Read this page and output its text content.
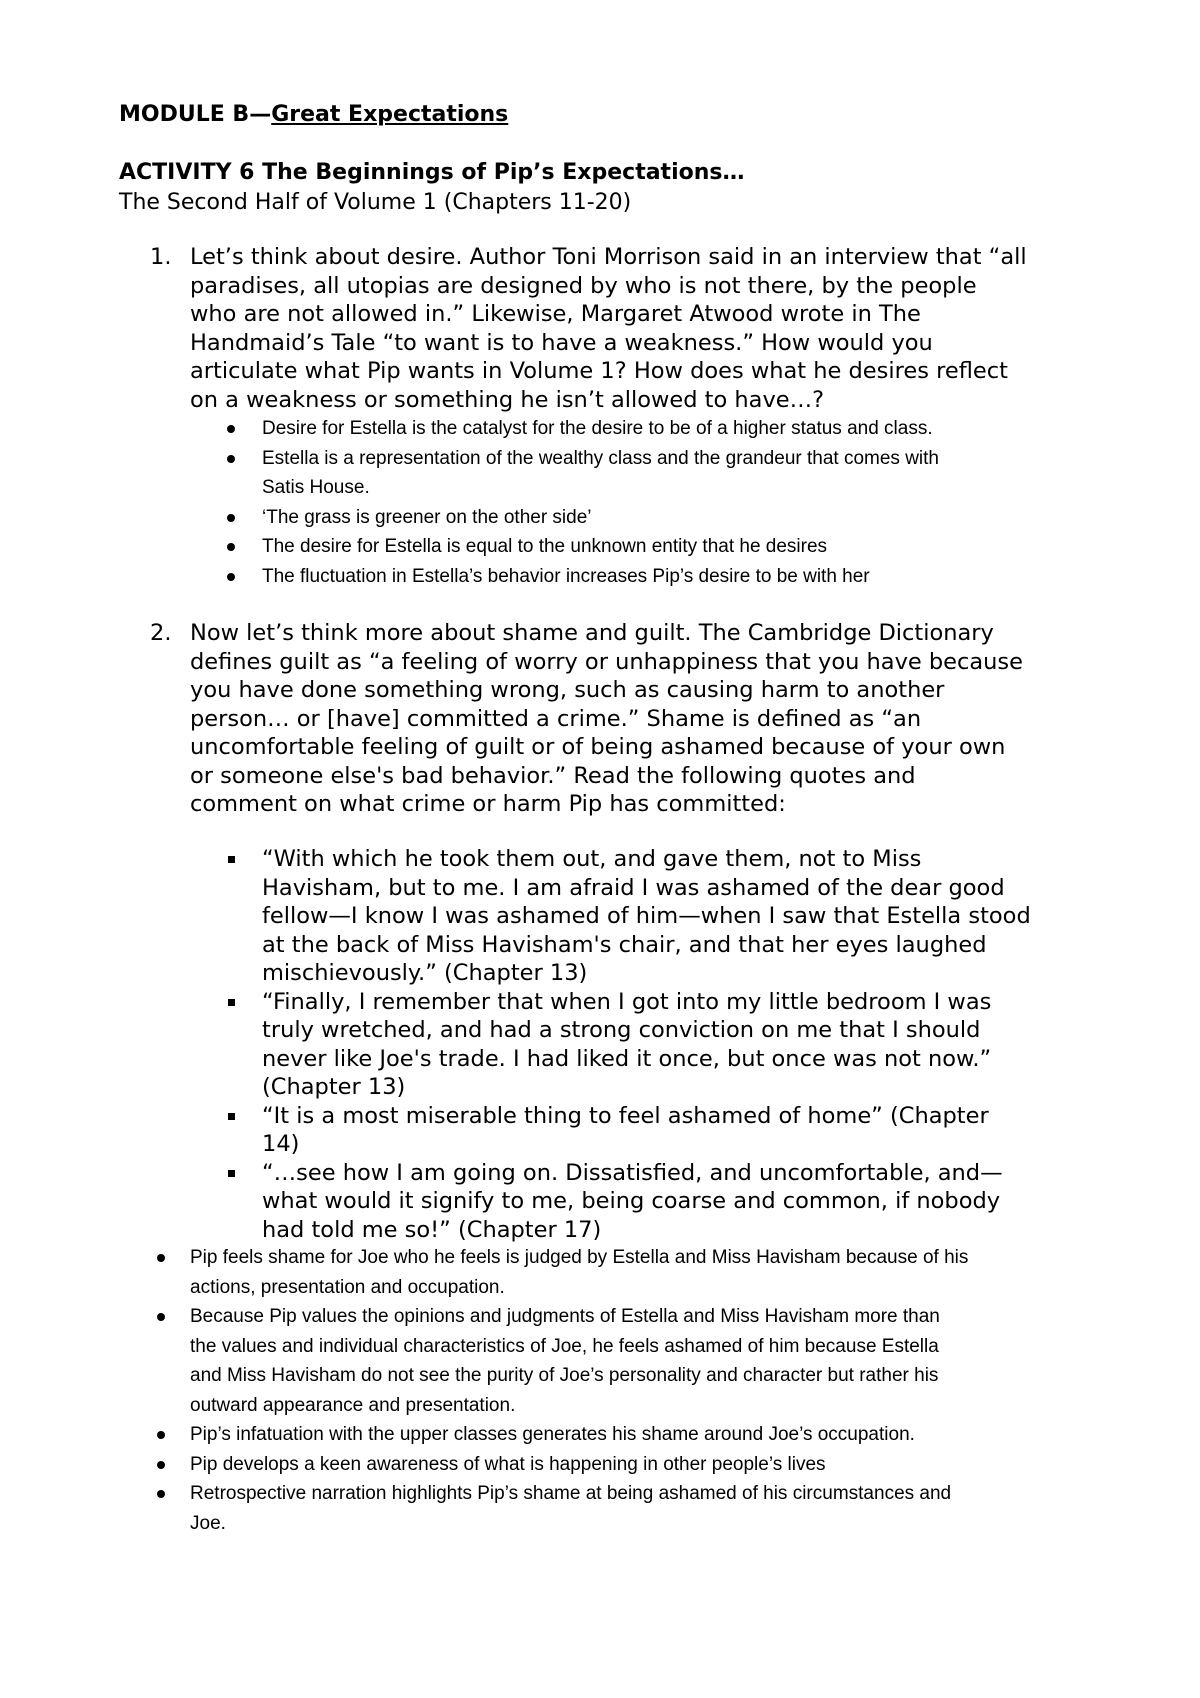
MODULE B—Great Expectations

ACTIVITY 6 The Beginnings of Pip’s Expectations…

The Second Half of Volume 1 (Chapters 11-20)

1. Let’s think about desire. Author Toni Morrison said in an interview that “all
paradises, all utopias are designed by who is not there, by the people
who are not allowed in.” Likewise, Margaret Atwood wrote in The
Handmaid’s Tale “to want is to have a weakness.” How would you
articulate what Pip wants in Volume 1? How does what he desires reflect
on a weakness or something he isn’t allowed to have…?
Desire for Estella is the catalyst for the desire to be of a higher status and class.
Estella is a representation of the wealthy class and the grandeur that comes with
Satis House.
‘The grass is greener on the other side’
The desire for Estella is equal to the unknown entity that he desires
The fluctuation in Estella’s behavior increases Pip’s desire to be with her
2. Now let’s think more about shame and guilt. The Cambridge Dictionary
defines guilt as “a feeling of worry or unhappiness that you have because
you have done something wrong, such as causing harm to another
person… or [have] committed a crime.” Shame is defined as “an
uncomfortable feeling of guilt or of being ashamed because of your own
or someone else's bad behavior.” Read the following quotes and
comment on what crime or harm Pip has committed:
“With which he took them out, and gave them, not to Miss
Havisham, but to me. I am afraid I was ashamed of the dear good
fellow—I know I was ashamed of him—when I saw that Estella stood
at the back of Miss Havisham's chair, and that her eyes laughed
mischievously.” (Chapter 13)
“Finally, I remember that when I got into my little bedroom I was
truly wretched, and had a strong conviction on me that I should
never like Joe's trade. I had liked it once, but once was not now.”
(Chapter 13)
“It is a most miserable thing to feel ashamed of home” (Chapter
14)
“…see how I am going on. Dissatisfied, and uncomfortable, and—
what would it signify to me, being coarse and common, if nobody
had told me so!” (Chapter 17)
Pip feels shame for Joe who he feels is judged by Estella and Miss Havisham because of his
actions, presentation and occupation.
Because Pip values the opinions and judgments of Estella and Miss Havisham more than
the values and individual characteristics of Joe, he feels ashamed of him because Estella
and Miss Havisham do not see the purity of Joe’s personality and character but rather his
outward appearance and presentation.
Pip’s infatuation with the upper classes generates his shame around Joe’s occupation.
Pip develops a keen awareness of what is happening in other people’s lives
Retrospective narration highlights Pip’s shame at being ashamed of his circumstances and
Joe.
